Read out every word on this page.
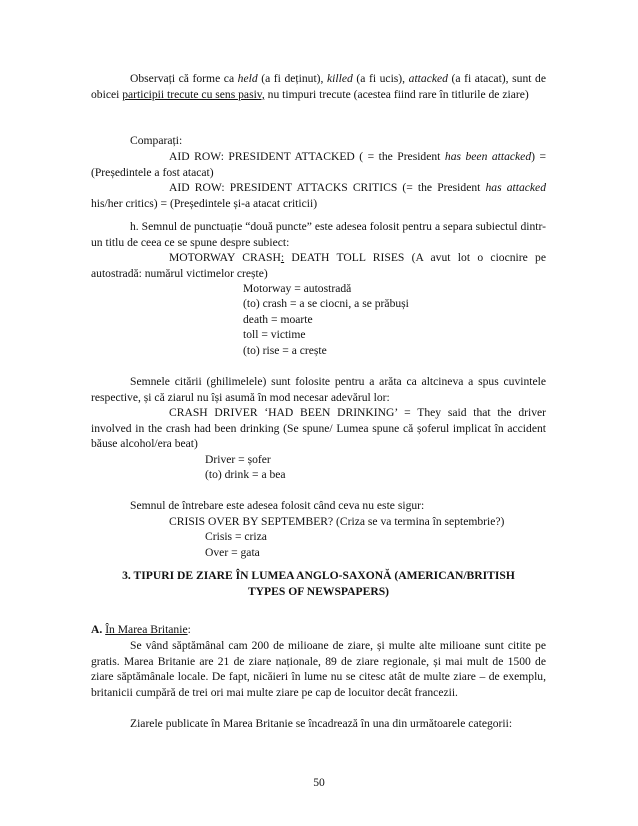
Observați că forme ca held (a fi deținut), killed (a fi ucis), attacked (a fi atacat), sunt de obicei participii trecute cu sens pasiv, nu timpuri trecute (acestea fiind rare în titlurile de ziare)

Comparați:

AID ROW: PRESIDENT ATTACKED ( = the President has been attacked) = (Președintele a fost atacat)

AID ROW: PRESIDENT ATTACKS CRITICS (= the President has attacked his/her critics) = (Președintele și-a atacat criticii)

h. Semnul de punctuație “două puncte” este adesea folosit pentru a separa subiectul dintr-un titlu de ceea ce se spune despre subiect:

MOTORWAY CRASH: DEATH TOLL RISES (A avut lot o ciocnire pe autostradă: numărul victimelor crește)

Motorway = autostradă
(to) crash = a se ciocni, a se prăbuși
death = moarte
toll = victime
(to) rise = a crește

Semnele citării (ghilimelele) sunt folosite pentru a arăta ca altcineva a spus cuvintele respective, și că ziarul nu își asumă în mod necesar adevărul lor:

CRASH DRIVER ‘HAD BEEN DRINKING’ = They said that the driver involved in the crash had been drinking (Se spune/ Lumea spune că șoferul implicat în accident băuse alcohol/era beat)

Driver = șofer
(to) drink = a bea
Semnul de întrebare este adesea folosit când ceva nu este sigur:
CRISIS OVER BY SEPTEMBER? (Criza se va termina în septembrie?)
Crisis = criza
Over = gata
3. TIPURI DE ZIARE ÎN LUMEA ANGLO-SAXONĂ (AMERICAN/BRITISH
TYPES OF NEWSPAPERS)
A. În Marea Britanie:

Se vând săptămânal cam 200 de milioane de ziare, și multe alte milioane sunt citite pe gratis. Marea Britanie are 21 de ziare naționale, 89 de ziare regionale, și mai mult de 1500 de ziare săptămânale locale. De fapt, nicăieri în lume nu se citesc atât de multe ziare – de exemplu, britanicii cumpără de trei ori mai multe ziare pe cap de locuitor decât francezii.

Ziarele publicate în Marea Britanie se încadrează în una din următoarele categorii:

50
